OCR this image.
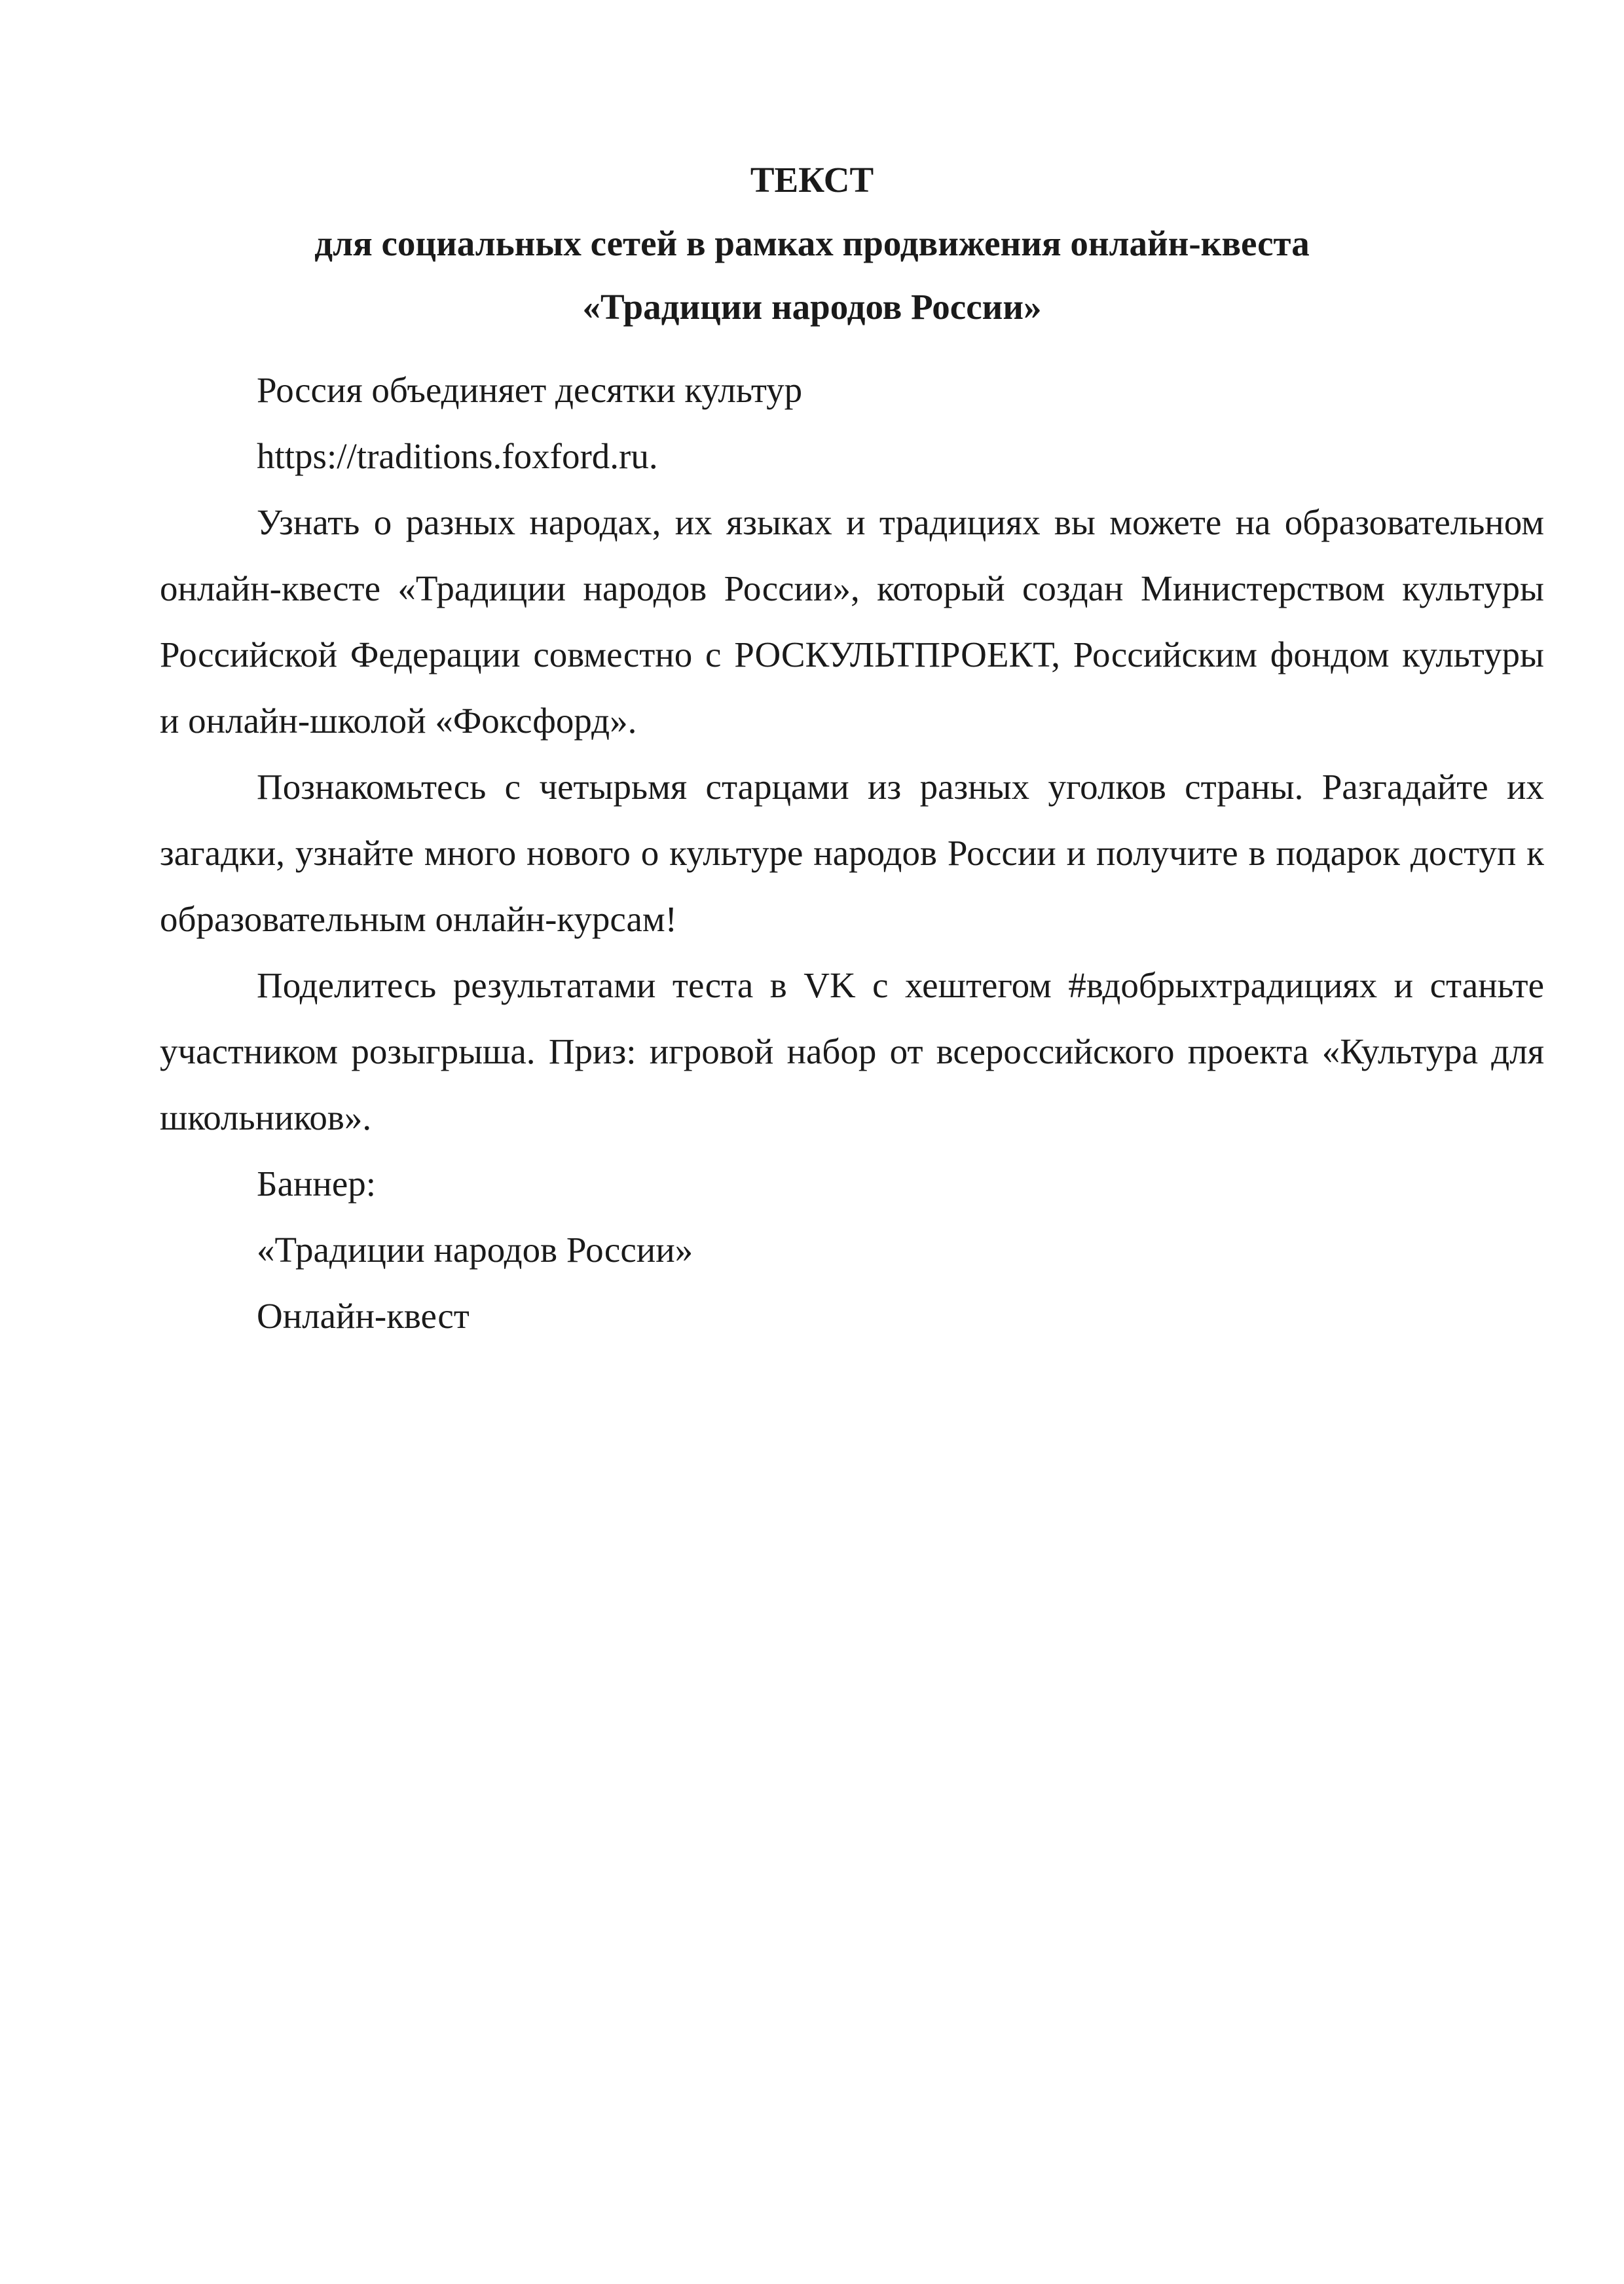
ТЕКСТ
для социальных сетей в рамках продвижения онлайн-квеста
«Традиции народов России»

Россия объединяет десятки культур

https://traditions.foxford.ru.

Узнать о разных народах, их языках и традициях вы можете на образовательном онлайн-квесте «Традиции народов России», который создан Министерством культуры Российской Федерации совместно с РОСКУЛЬТПРОЕКТ, Российским фондом культуры и онлайн-школой «Фоксфорд».

Познакомьтесь с четырьмя старцами из разных уголков страны. Разгадайте их загадки, узнайте много нового о культуре народов России и получите в подарок доступ к образовательным онлайн-курсам!

Поделитесь результатами теста в VK с хештегом #вдобрыхтрадициях и станьте участником розыгрыша. Приз: игровой набор от всероссийского проекта «Культура для школьников».

Баннер:

«Традиции народов России»

Онлайн-квест
